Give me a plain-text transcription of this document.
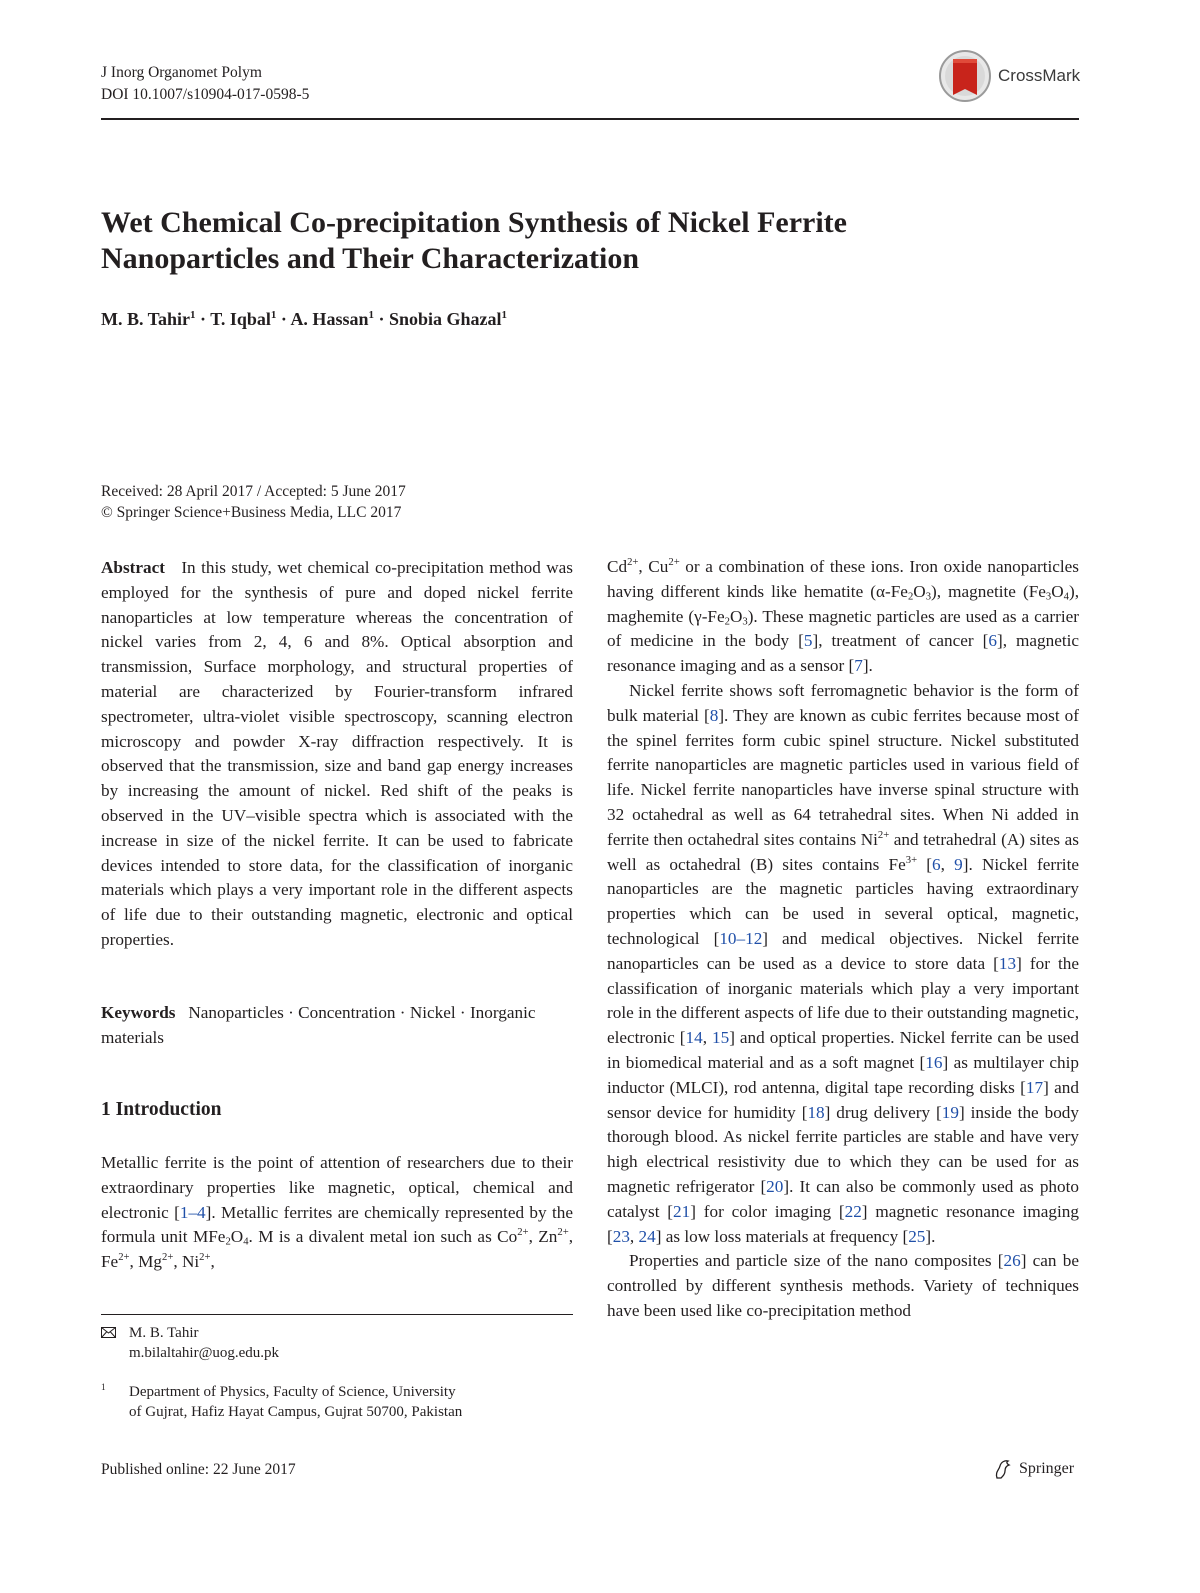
J Inorg Organomet Polym
DOI 10.1007/s10904-017-0598-5
CrossMark
Wet Chemical Co-precipitation Synthesis of Nickel Ferrite
Nanoparticles and Their Characterization
M. B. Tahir$^1$ · T. Iqbal$^1$ · A. Hassan$^1$ · Snobia Ghazal$^1$
Received: 28 April 2017 / Accepted: 5 June 2017
© Springer Science+Business Media, LLC 2017

Abstract In this study, wet chemical co-precipitation method was employed for the synthesis of pure and doped nickel ferrite nanoparticles at low temperature whereas the concentration of nickel varies from 2, 4, 6 and 8%. Optical absorption and transmission, Surface morphology, and structural properties of material are characterized by Fourier-transform infrared spectrometer, ultra-violet visible spectroscopy, scanning electron microscopy and powder X-ray diffraction respectively. It is observed that the transmission, size and band gap energy increases by increasing the amount of nickel. Red shift of the peaks is observed in the UV–visible spectra which is associated with the increase in size of the nickel ferrite. It can be used to fabricate devices intended to store data, for the classification of inorganic materials which plays a very important role in the different aspects of life due to their outstanding magnetic, electronic and optical properties.

Keywords Nanoparticles · Concentration · Nickel · Inorganic materials

1 Introduction

Metallic ferrite is the point of attention of researchers due to their extraordinary properties like magnetic, optical, chemical and electronic [1–4]. Metallic ferrites are chemically represented by the formula unit $MFe_2O_4$. M is a divalent metal ion such as $Co^{2+}$, $Zn^{2+}$, $Fe^{2+}$, $Mg^{2+}$, $Ni^{2+}$,

$Cd^{2+}$, $Cu^{2+}$ or a combination of these ions. Iron oxide nanoparticles having different kinds like hematite $(\alpha-Fe_2O_3)$, magnetite $(Fe_3O_4)$, maghemite $(\gamma-Fe_2O_3)$. These magnetic particles are used as a carrier of medicine in the body [5], treatment of cancer [6], magnetic resonance imaging and as a sensor [7].

Nickel ferrite shows soft ferromagnetic behavior is the form of bulk material [8]. They are known as cubic ferrites because most of the spinel ferrites form cubic spinel structure. Nickel substituted ferrite nanoparticles are magnetic particles used in various field of life. Nickel ferrite nanoparticles have inverse spinal structure with 32 octahedral as well as 64 tetrahedral sites. When Ni added in ferrite then octahedral sites contains $Ni^{2+}$ and tetrahedral (A) sites as well as octahedral (B) sites contains $Fe^{3+}$ [6, 9]. Nickel ferrite nanoparticles are the magnetic particles having extraordinary properties which can be used in several optical, magnetic, technological [10–12] and medical objectives. Nickel ferrite nanoparticles can be used as a device to store data [13] for the classification of inorganic materials which play a very important role in the different aspects of life due to their outstanding magnetic, electronic [14, 15] and optical properties. Nickel ferrite can be used in biomedical material and as a soft magnet [16] as multilayer chip inductor (MLCI), rod antenna, digital tape recording disks [17] and sensor device for humidity [18] drug delivery [19] inside the body thorough blood. As nickel ferrite particles are stable and have very high electrical resistivity due to which they can be used for as magnetic refrigerator [20]. It can also be commonly used as photo catalyst [21] for color imaging [22] magnetic resonance imaging [23, 24] as low loss materials at frequency [25].

Properties and particle size of the nano composites [26] can be controlled by different synthesis methods. Variety of techniques have been used like co-precipitation method

M. B. Tahir
m.bilaltahir@uog.edu.pk
$^1$ Department of Physics, Faculty of Science, University
of Gujrat, Hafiz Hayat Campus, Gujrat 50700, Pakistan
Published online: 22 June 2017	Springer
